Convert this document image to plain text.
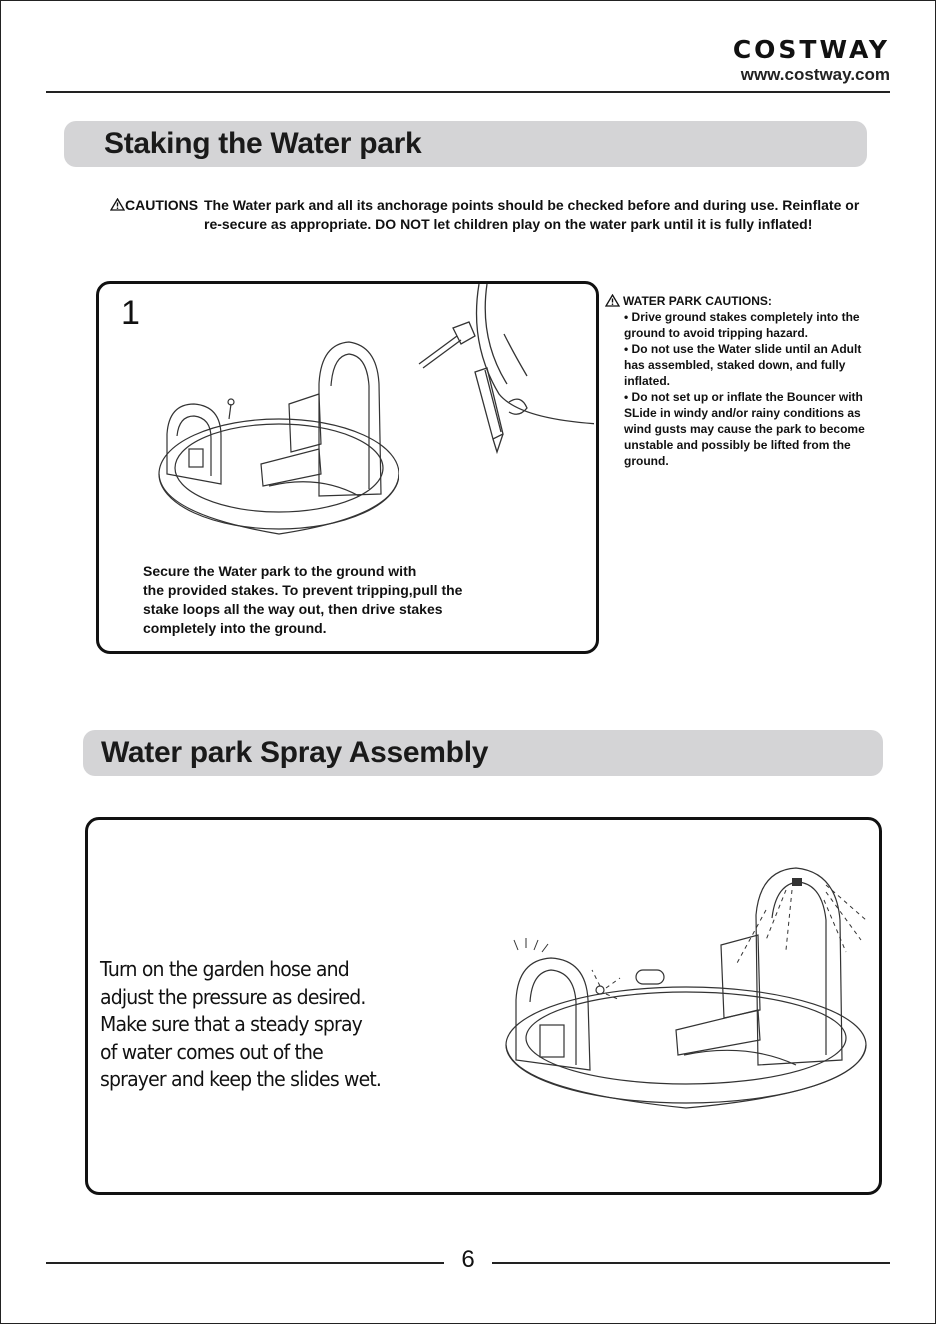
COSTWAY
www.costway.com
Staking the Water park
CAUTIONS The Water park and all its anchorage points should be checked before and during use. Reinflate or re-secure as appropriate. DO NOT let children play on the water park until it is fully inflated!
1
Secure the Water park to the ground with
the provided stakes. To prevent tripping,pull the
stake loops all the way out, then drive stakes
completely into the ground.
WATER PARK CAUTIONS:
• Drive ground stakes completely into the
ground to avoid tripping hazard.
• Do not use the Water slide until an Adult
has assembled, staked down, and fully
inflated.
• Do not set up or inflate the Bouncer with
SLide in windy and/or rainy conditions as
wind gusts may cause the park to become
unstable and possibly be lifted from the
ground.
Water park Spray Assembly
Turn on the garden hose and
adjust the pressure as desired.
Make sure that a steady spray
of water comes out of the
sprayer and keep the slides wet.
6
